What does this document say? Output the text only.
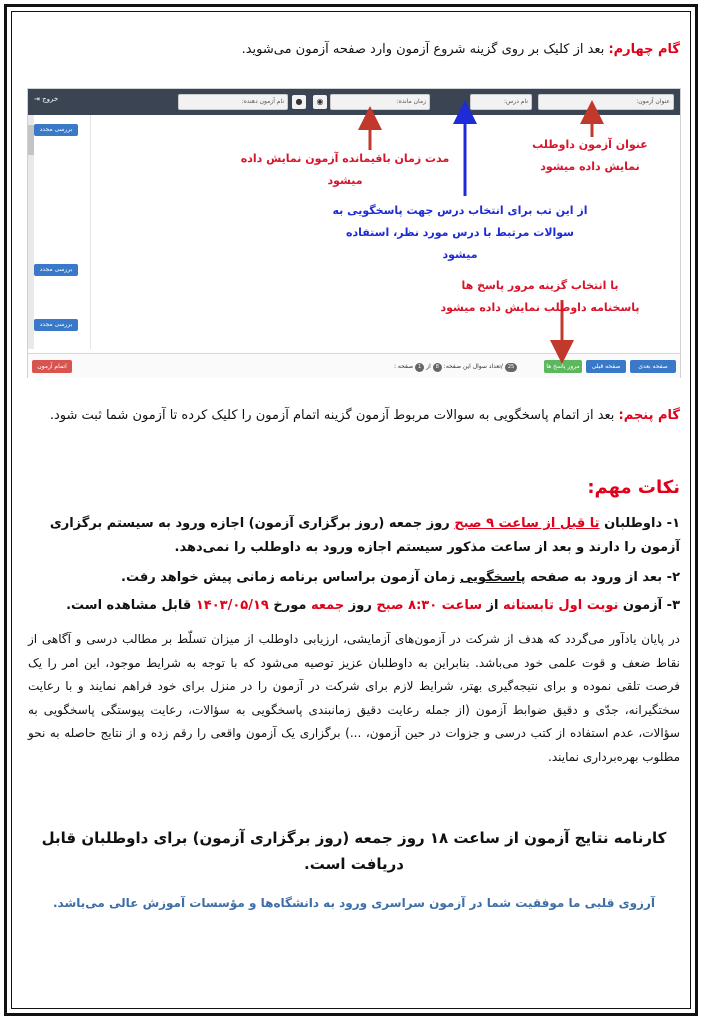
گام چهارم: بعد از کلیک بر روی گزینه شروع آزمون وارد صفحه آزمون می‌شوید.
⇥ خروج	نام آزمون دهنده:	●	زمان مانده:
◉	نام درس:	عنوان آزمون:
بررسی مجدد
بررسی مجدد
بررسی مجدد
اتمام آزمون	25 /تعداد سوال این صفحه: 8 از 1 صفحه :	مرور پاسخ ها	صفحه قبلی	صفحه بعدی
عنوان آزمون داوطلب
نمایش داده میشود
مدت زمان باقیمانده آزمون نمایش داده میشود
از این تب برای انتخاب درس جهت پاسخگویی به
سوالات مرتبط با درس مورد نظر، استفاده میشود
با انتخاب گزینه مرور پاسخ ها
پاسخنامه داوطلب نمایش داده میشود
گام پنجم: بعد از اتمام پاسخگویی به سوالات مربوط آزمون گزینه اتمام آزمون را کلیک کرده تا آزمون شما ثبت شود.
نکات مهم:
۱- داوطلبان تا قبل از ساعت ۹ صبح روز جمعه (روز برگزاری آزمون) اجازه ورود به سیستم برگزاری آزمون را دارند و بعد از ساعت مذکور سیستم اجازه ورود به داوطلب را نمی‌دهد.
۲- بعد از ورود به صفحه پاسخگویی زمان آزمون براساس برنامه زمانی پیش خواهد رفت.
۳- آزمون نوبت اول تابستانه از ساعت ۸:۳۰ صبح روز جمعه مورخ ۱۴۰۳/۰۵/۱۹ قابل مشاهده است.
در پایان یادآور می‌گردد که هدف از شرکت در آزمون‌های آزمایشی، ارزیابی داوطلب از میزان تسلّط بر مطالب درسی و آگاهی از نقاط ضعف و قوت علمی خود می‌باشد. بنابراین به داوطلبان عزیز توصیه می‌شود که با توجه به شرایط موجود، این امر را یک فرصت تلقی نموده و برای نتیجه‌گیری بهتر، شرایط لازم برای شرکت در آزمون را در منزل برای خود فراهم نمایند و با رعایت سختگیرانه، جدّی و دقیق ضوابط آزمون (از جمله رعایت دقیق زمانبندی پاسخگویی به سؤالات، رعایت پیوستگی پاسخگویی به سؤالات، عدم استفاده از کتب درسی و جزوات در حین آزمون، ...) برگزاری یک آزمون واقعی را رقم زده و از نتایج حاصله به نحو مطلوب بهره‌برداری نمایند.
کارنامه نتایج آزمون از ساعت ۱۸ روز جمعه (روز برگزاری آزمون) برای داوطلبان قابل دریافت است.
آرزوی قلبی ما موفقیت شما در آزمون سراسری ورود به دانشگاه‌ها و مؤسسات آموزش عالی می‌باشد.
